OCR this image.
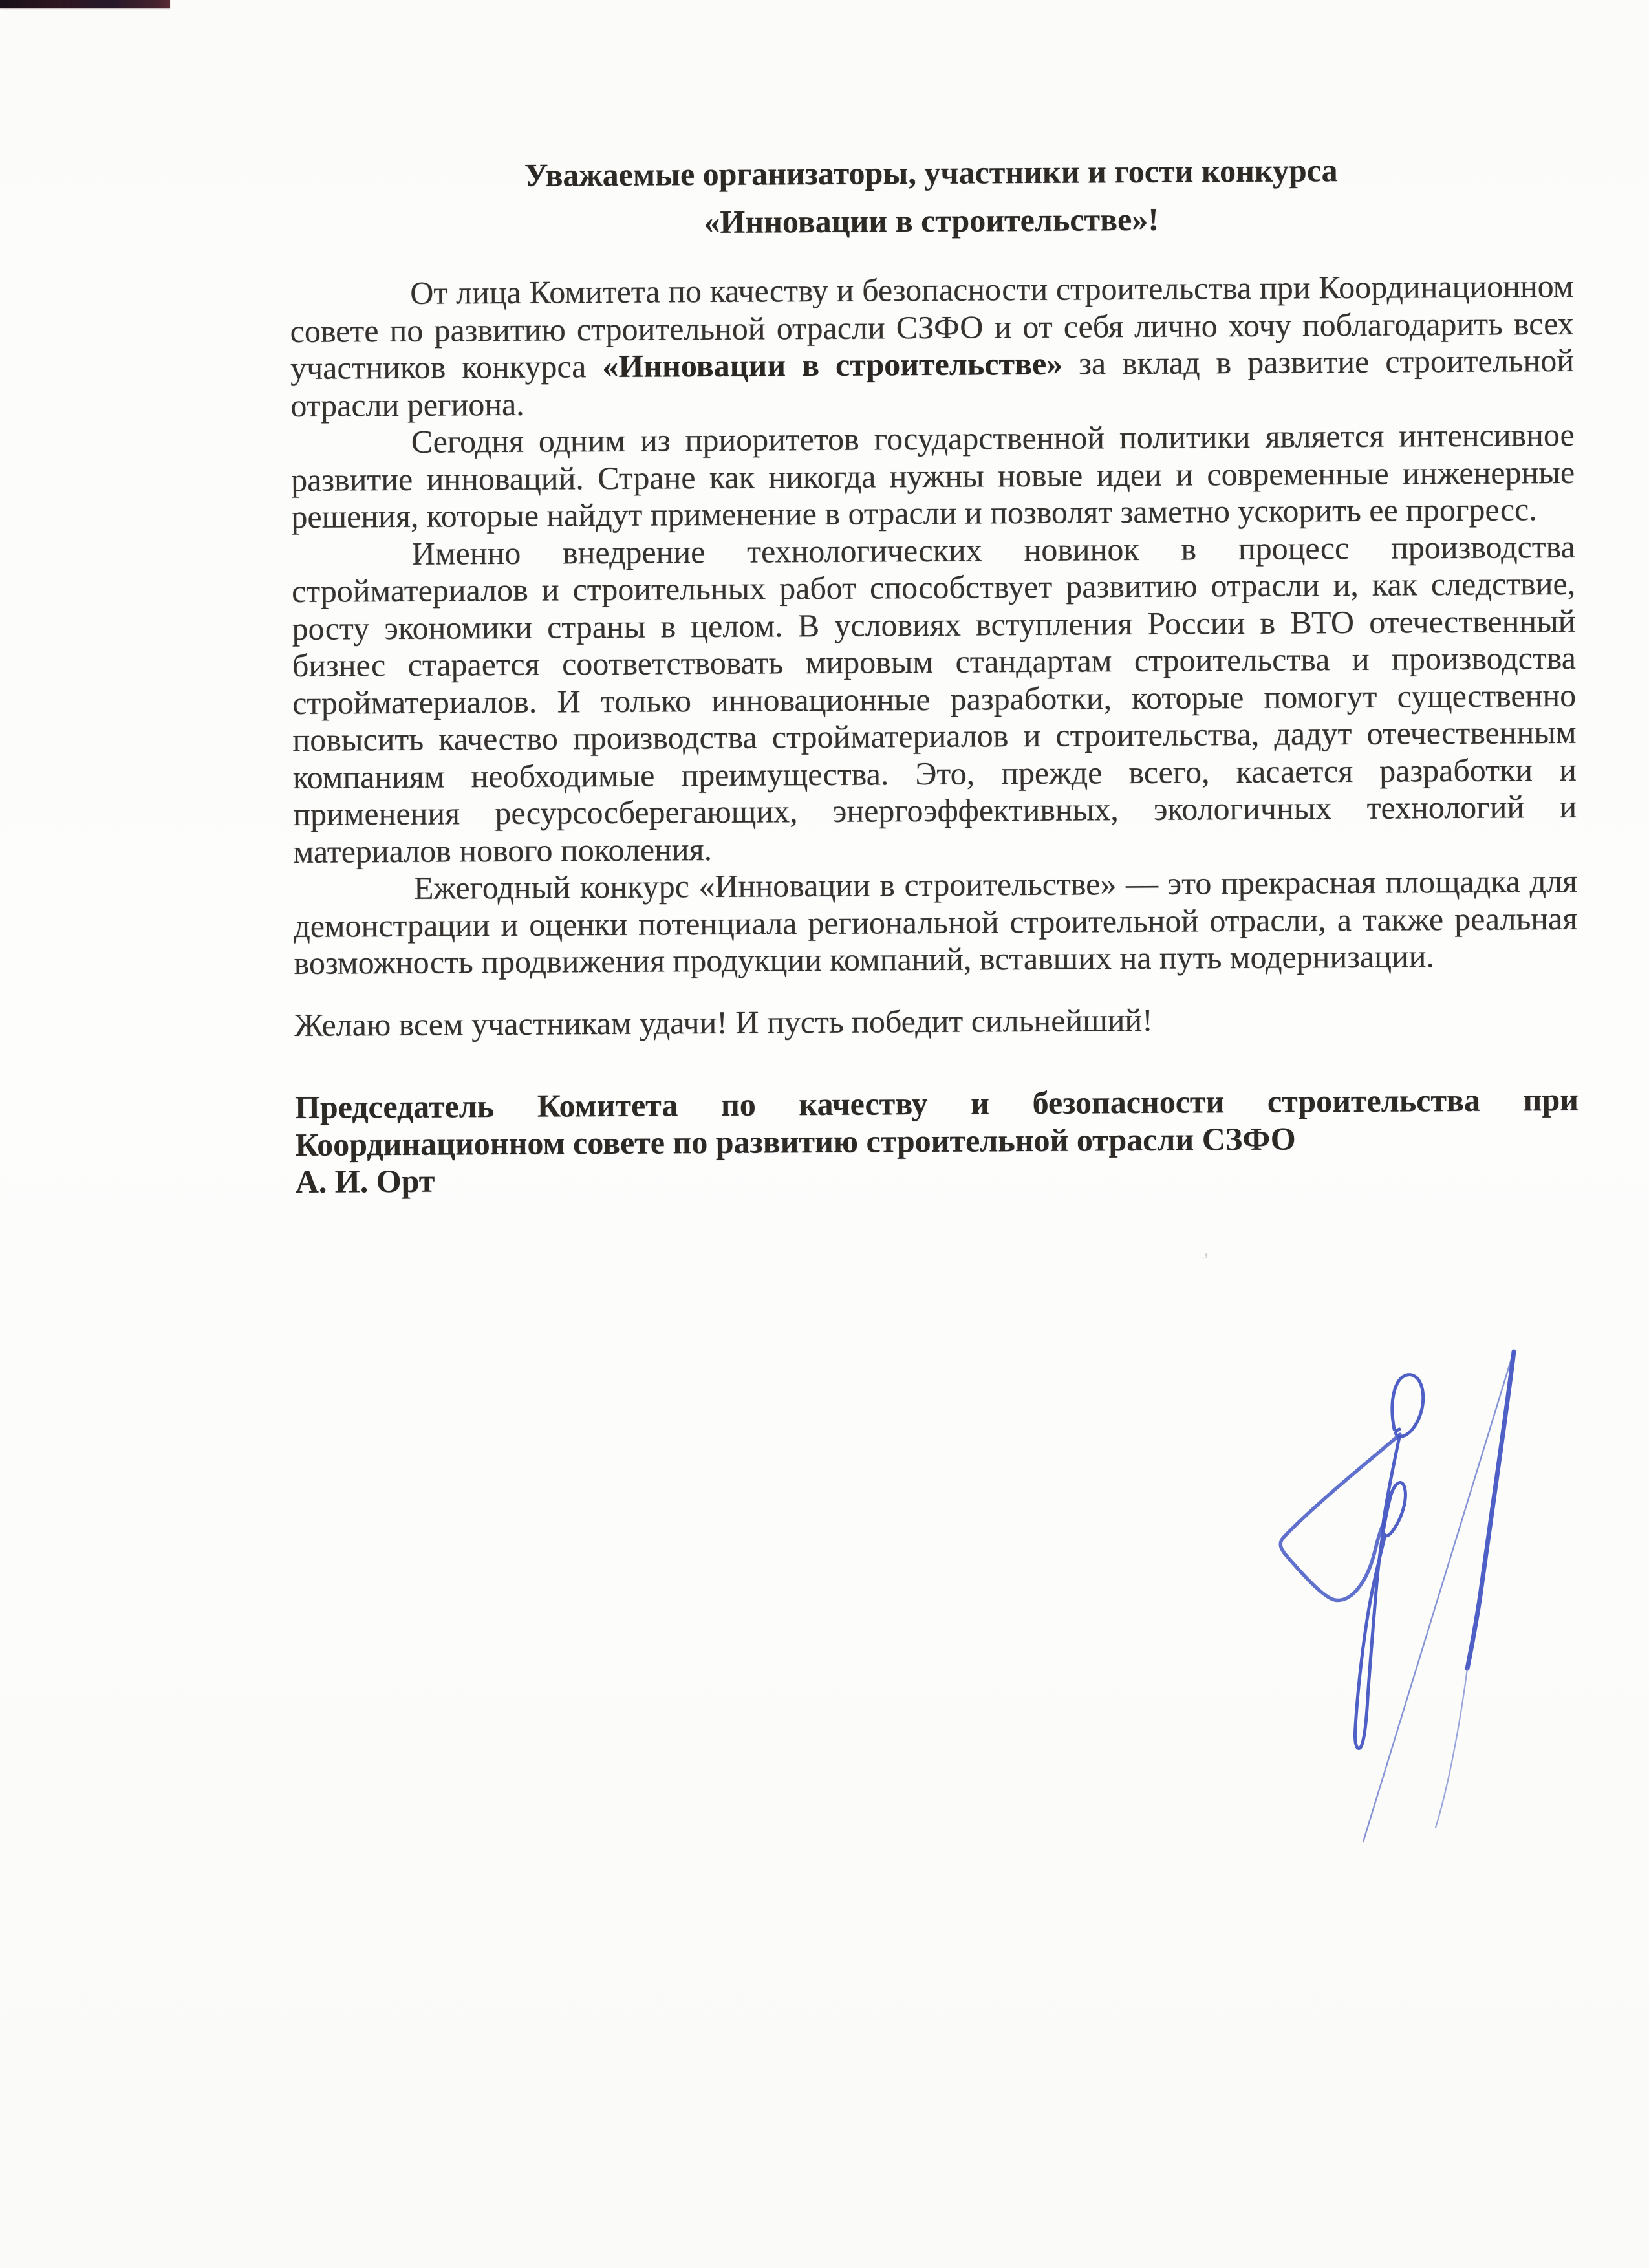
Уважаемые организаторы, участники и гости конкурса
«Инновации в строительстве»!

От лица Комитета по качеству и безопасности строительства при Координационном совете по развитию строительной отрасли СЗФО и от себя лично хочу поблагодарить всех участников конкурса «Инновации в строительстве» за вклад в развитие строительной отрасли региона.

Сегодня одним из приоритетов государственной политики является интенсивное развитие инноваций. Стране как никогда нужны новые идеи и современные инженерные решения, которые найдут применение в отрасли и позволят заметно ускорить ее прогресс.

Именно внедрение технологических новинок в процесс производства стройматериалов и строительных работ способствует развитию отрасли и, как следствие, росту экономики страны в целом. В условиях вступления России в ВТО отечественный бизнес старается соответствовать мировым стандартам строительства и производства стройматериалов. И только инновационные разработки, которые помогут существенно повысить качество производства стройматериалов и строительства, дадут отечественным компаниям необходимые преимущества. Это, прежде всего, касается разработки и применения ресурсосберегающих, энергоэффективных, экологичных технологий и материалов нового поколения.

Ежегодный конкурс «Инновации в строительстве» — это прекрасная площадка для демонстрации и оценки потенциала региональной строительной отрасли, а также реальная возможность продвижения продукции компаний, вставших на путь модернизации.

Желаю всем участникам удачи! И пусть победит сильнейший!

Председатель Комитета по качеству и безопасности строительства при Координационном совете по развитию строительной отрасли СЗФО

А. И. Орт

ʼ
